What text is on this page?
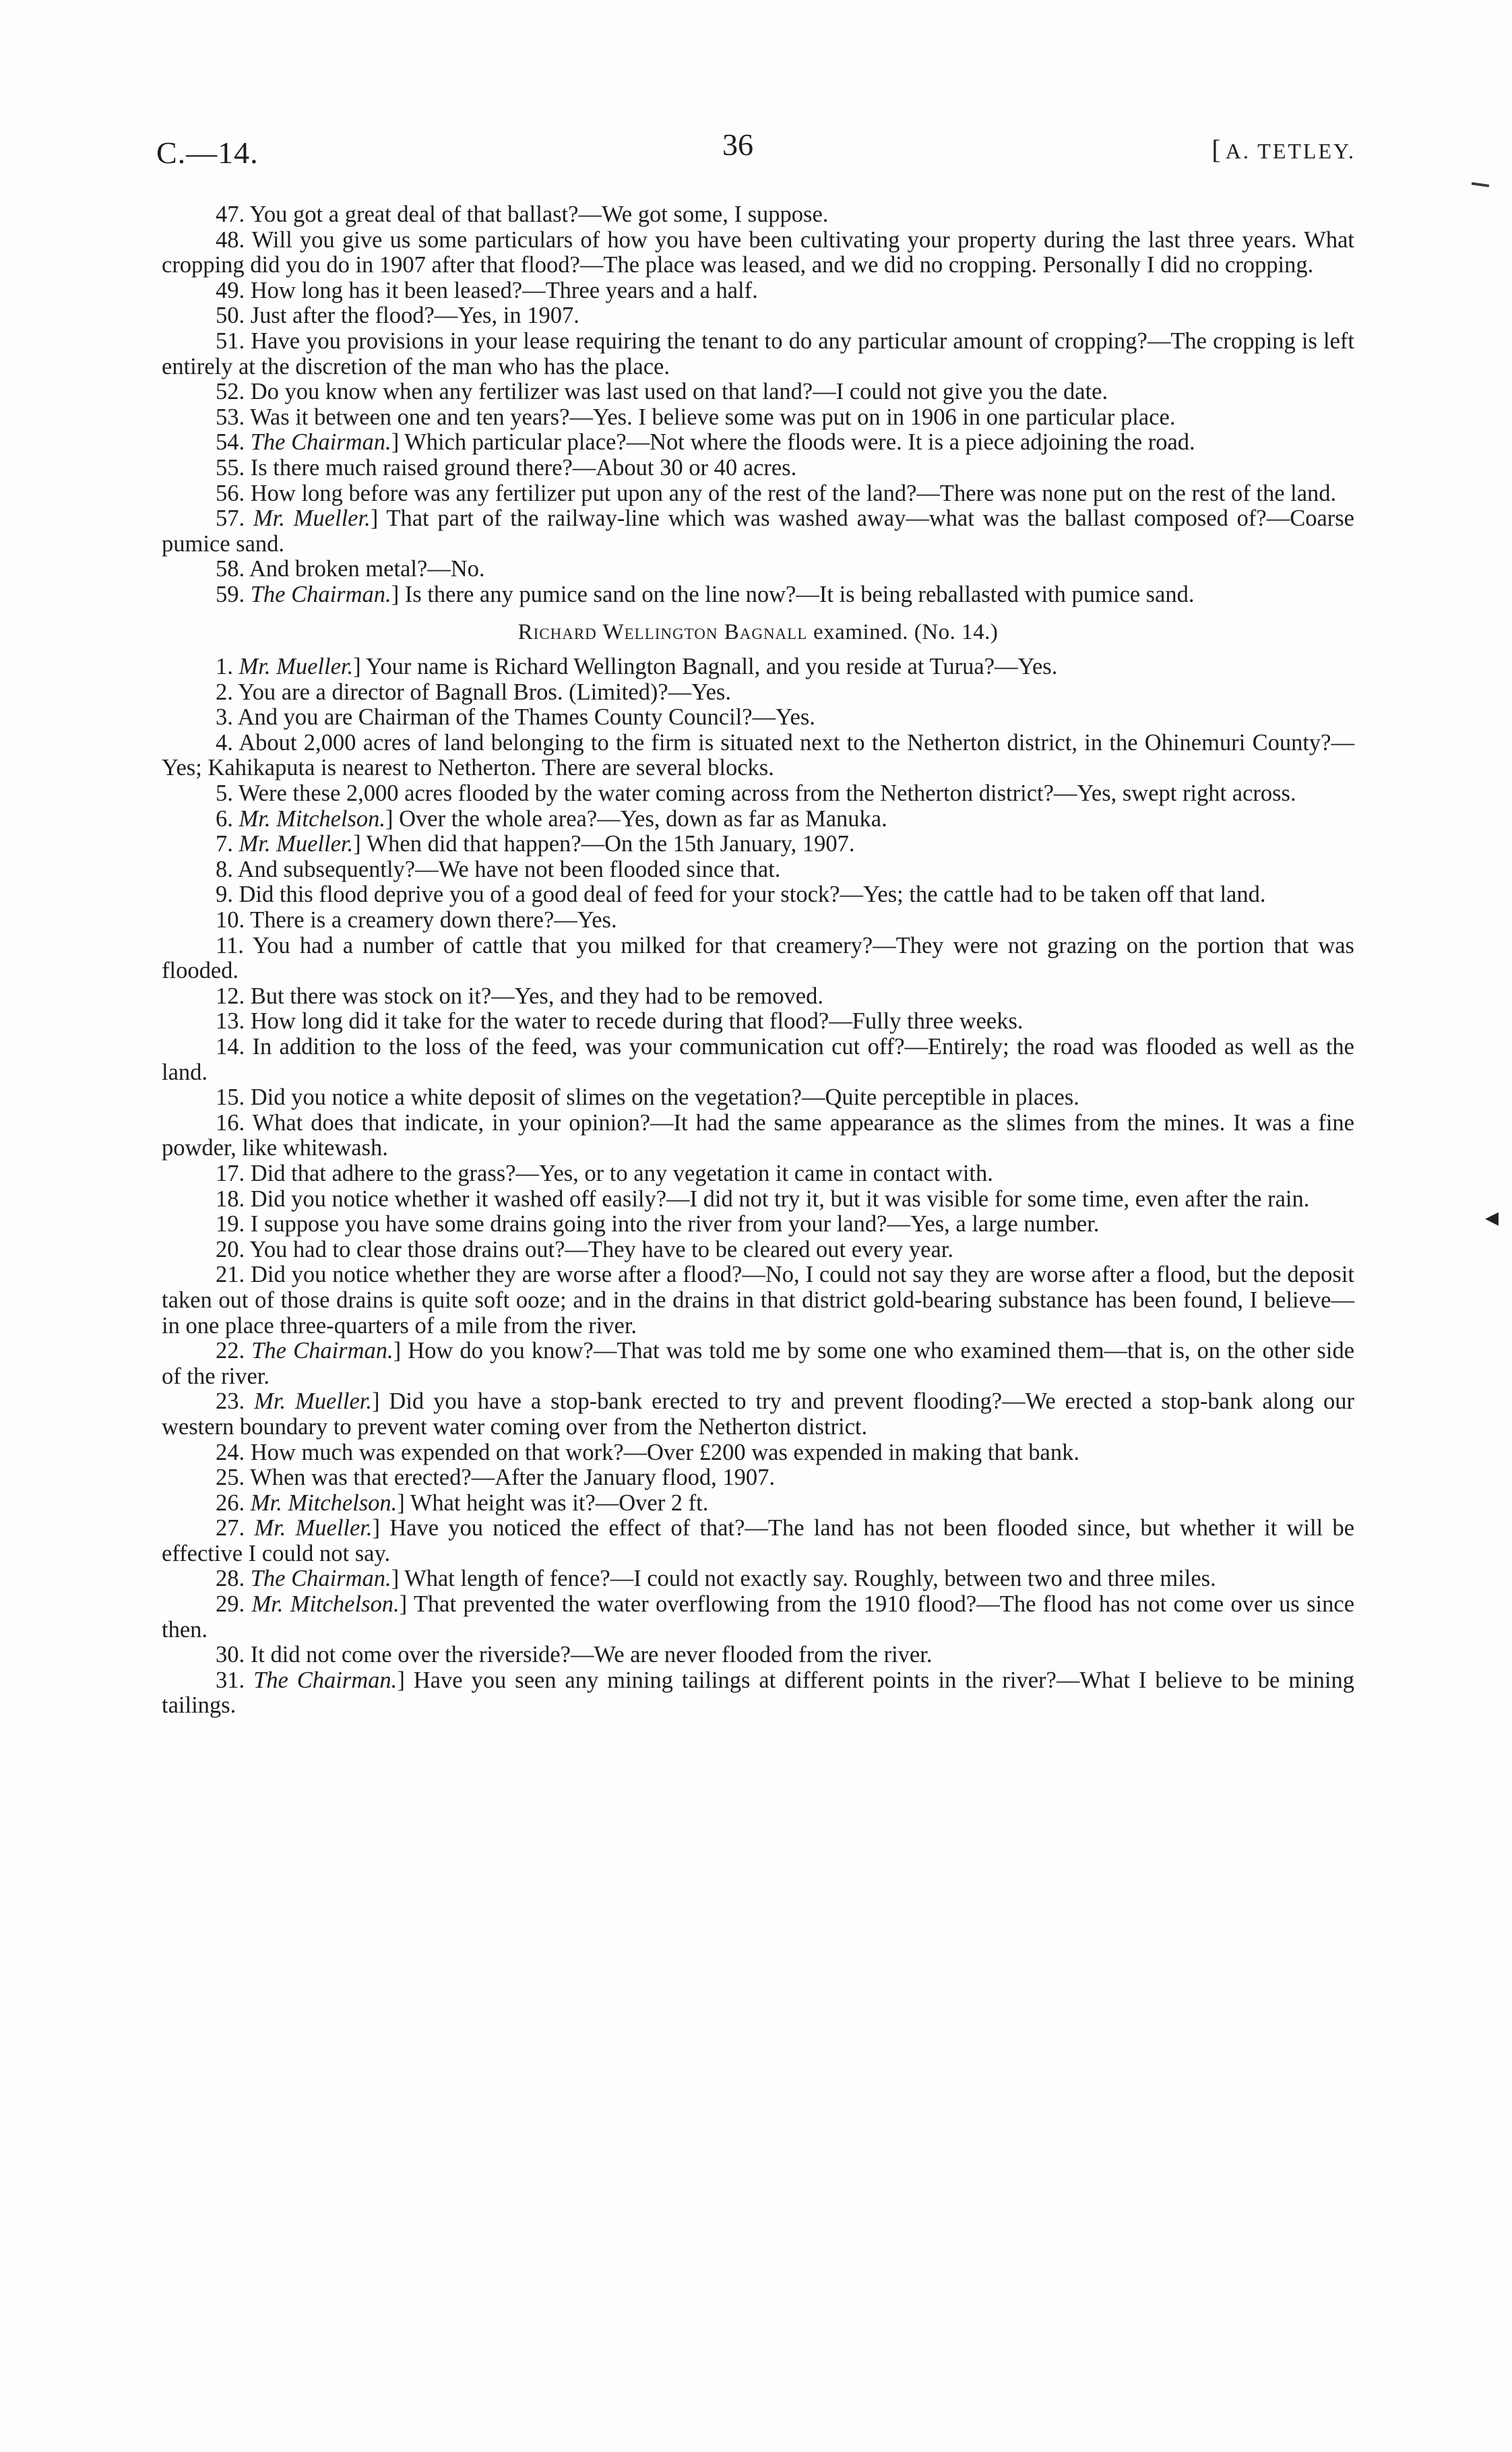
C.—14.	36	[ A. TETLEY.
◂

47. You got a great deal of that ballast?—We got some, I suppose.

48. Will you give us some particulars of how you have been cultivating your property during the last three years. What cropping did you do in 1907 after that flood?—The place was leased, and we did no cropping. Personally I did no cropping.

49. How long has it been leased?—Three years and a half.

50. Just after the flood?—Yes, in 1907.

51. Have you provisions in your lease requiring the tenant to do any particular amount of cropping?—The cropping is left entirely at the discretion of the man who has the place.

52. Do you know when any fertilizer was last used on that land?—I could not give you the date.

53. Was it between one and ten years?—Yes. I believe some was put on in 1906 in one particular place.

54. The Chairman.] Which particular place?—Not where the floods were. It is a piece adjoining the road.

55. Is there much raised ground there?—About 30 or 40 acres.

56. How long before was any fertilizer put upon any of the rest of the land?—There was none put on the rest of the land.

57. Mr. Mueller.] That part of the railway-line which was washed away—what was the ballast composed of?—Coarse pumice sand.

58. And broken metal?—No.

59. The Chairman.] Is there any pumice sand on the line now?—It is being reballasted with pumice sand.

Richard Wellington Bagnall examined. (No. 14.)

1. Mr. Mueller.] Your name is Richard Wellington Bagnall, and you reside at Turua?—Yes.

2. You are a director of Bagnall Bros. (Limited)?—Yes.

3. And you are Chairman of the Thames County Council?—Yes.

4. About 2,000 acres of land belonging to the firm is situated next to the Netherton district, in the Ohinemuri County?—Yes; Kahikaputa is nearest to Netherton. There are several blocks.

5. Were these 2,000 acres flooded by the water coming across from the Netherton district?—Yes, swept right across.

6. Mr. Mitchelson.] Over the whole area?—Yes, down as far as Manuka.

7. Mr. Mueller.] When did that happen?—On the 15th January, 1907.

8. And subsequently?—We have not been flooded since that.

9. Did this flood deprive you of a good deal of feed for your stock?—Yes; the cattle had to be taken off that land.

10. There is a creamery down there?—Yes.

11. You had a number of cattle that you milked for that creamery?—They were not grazing on the portion that was flooded.

12. But there was stock on it?—Yes, and they had to be removed.

13. How long did it take for the water to recede during that flood?—Fully three weeks.

14. In addition to the loss of the feed, was your communication cut off?—Entirely; the road was flooded as well as the land.

15. Did you notice a white deposit of slimes on the vegetation?—Quite perceptible in places.

16. What does that indicate, in your opinion?—It had the same appearance as the slimes from the mines. It was a fine powder, like whitewash.

17. Did that adhere to the grass?—Yes, or to any vegetation it came in contact with.

18. Did you notice whether it washed off easily?—I did not try it, but it was visible for some time, even after the rain.

19. I suppose you have some drains going into the river from your land?—Yes, a large number.

20. You had to clear those drains out?—They have to be cleared out every year.

21. Did you notice whether they are worse after a flood?—No, I could not say they are worse after a flood, but the deposit taken out of those drains is quite soft ooze; and in the drains in that district gold-bearing substance has been found, I believe—in one place three-quarters of a mile from the river.

22. The Chairman.] How do you know?—That was told me by some one who examined them—that is, on the other side of the river.

23. Mr. Mueller.] Did you have a stop-bank erected to try and prevent flooding?—We erected a stop-bank along our western boundary to prevent water coming over from the Netherton district.

24. How much was expended on that work?—Over £200 was expended in making that bank.

25. When was that erected?—After the January flood, 1907.

26. Mr. Mitchelson.] What height was it?—Over 2 ft.

27. Mr. Mueller.] Have you noticed the effect of that?—The land has not been flooded since, but whether it will be effective I could not say.

28. The Chairman.] What length of fence?—I could not exactly say. Roughly, between two and three miles.

29. Mr. Mitchelson.] That prevented the water overflowing from the 1910 flood?—The flood has not come over us since then.

30. It did not come over the riverside?—We are never flooded from the river.

31. The Chairman.] Have you seen any mining tailings at different points in the river?—What I believe to be mining tailings.
